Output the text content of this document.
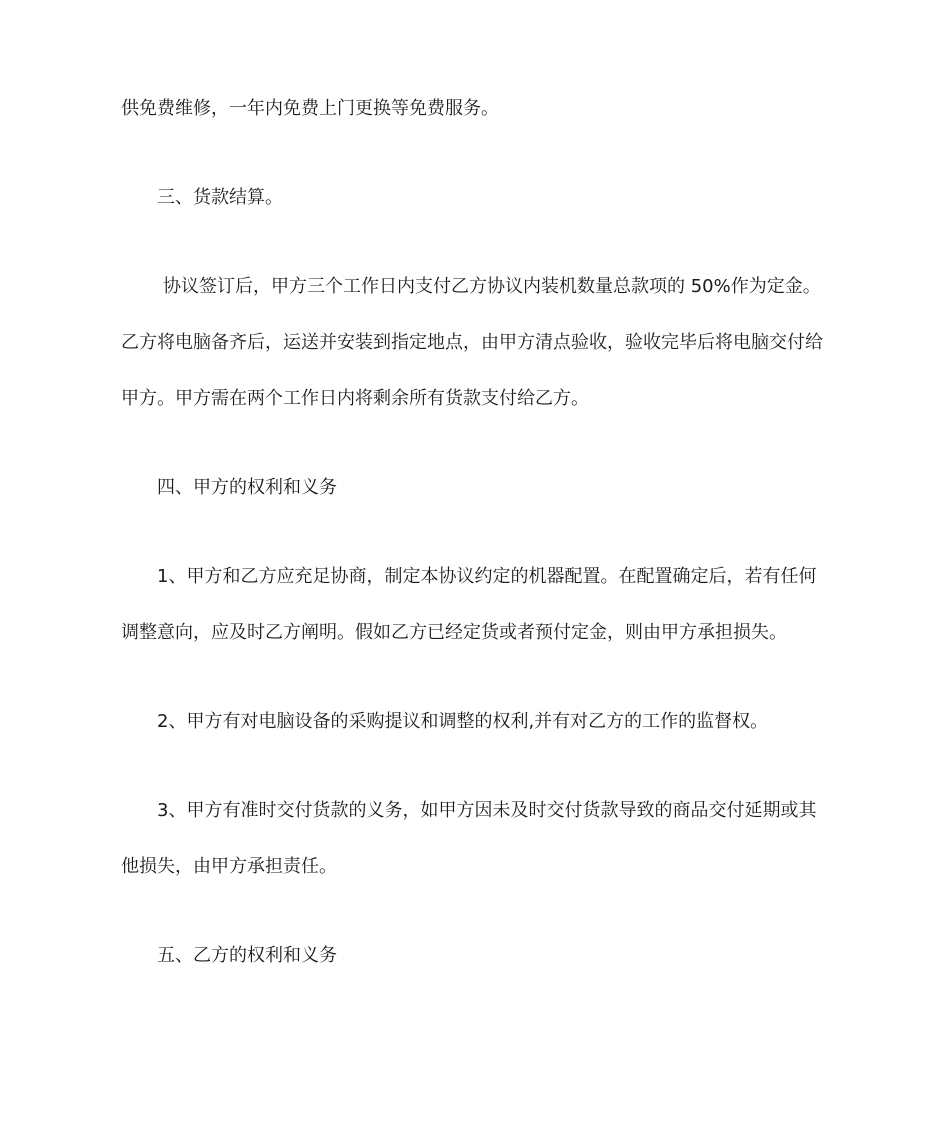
供免费维修，一年内免费上门更换等免费服务。
三、货款结算。
协议签订后，甲方三个工作日内支付乙方协议内装机数量总款项的 50%作为定金。
乙方将电脑备齐后，运送并安装到指定地点，由甲方清点验收，验收完毕后将电脑交付给
甲方。甲方需在两个工作日内将剩余所有货款支付给乙方。
四、甲方的权利和义务
1、甲方和乙方应充足协商，制定本协议约定的机器配置。在配置确定后，若有任何
调整意向，应及时乙方阐明。假如乙方已经定货或者预付定金，则由甲方承担损失。
2、甲方有对电脑设备的采购提议和调整的权利,并有对乙方的工作的监督权。
3、甲方有准时交付货款的义务，如甲方因未及时交付货款导致的商品交付延期或其
他损失，由甲方承担责任。
五、乙方的权利和义务
